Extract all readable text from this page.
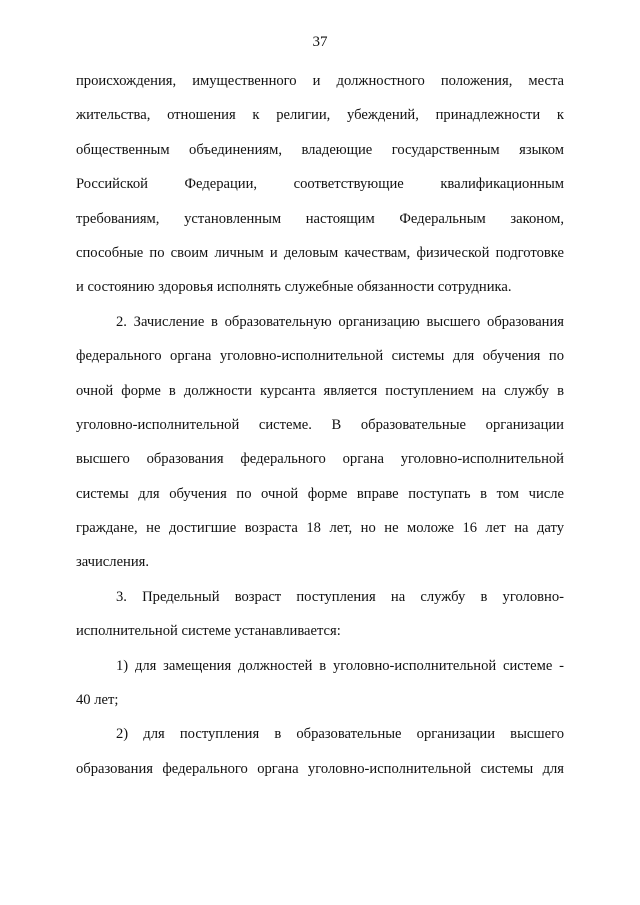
37
происхождения, имущественного и должностного положения, места
жительства, отношения к религии, убеждений, принадлежности к
общественным объединениям, владеющие государственным языком
Российской Федерации, соответствующие квалификационным
требованиям, установленным настоящим Федеральным законом,
способные по своим личным и деловым качествам, физической подготовке
и состоянию здоровья исполнять служебные обязанности сотрудника.
2. Зачисление в образовательную организацию высшего образования
федерального органа уголовно-исполнительной системы для обучения по
очной форме в должности курсанта является поступлением на службу в
уголовно-исполнительной системе. В образовательные организации
высшего образования федерального органа уголовно-исполнительной
системы для обучения по очной форме вправе поступать в том числе
граждане, не достигшие возраста 18 лет, но не моложе 16 лет на дату
зачисления.
3. Предельный возраст поступления на службу в уголовно-
исполнительной системе устанавливается:
1) для замещения должностей в уголовно-исполнительной системе -
40 лет;
2) для поступления в образовательные организации высшего
образования федерального органа уголовно-исполнительной системы для
